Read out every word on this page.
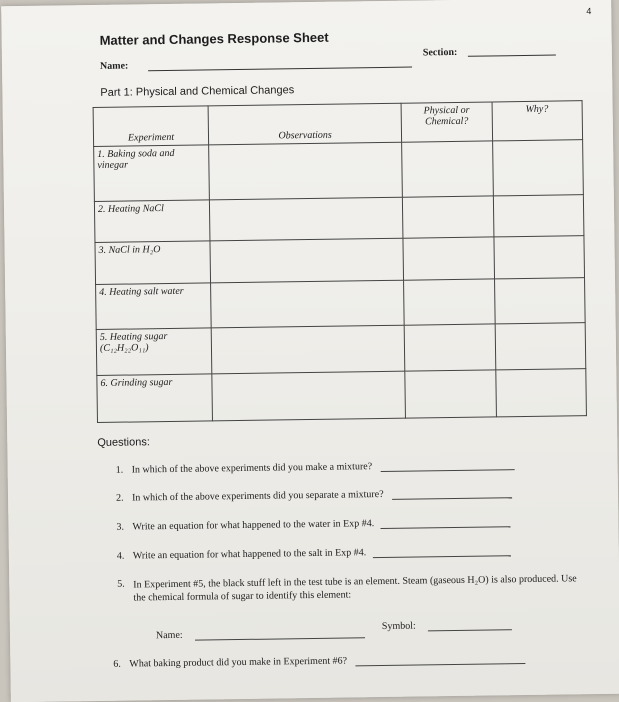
4
Matter and Changes Response Sheet
Name:
Section:
Part 1: Physical and Chemical Changes
Experiment	Observations	Physical or Chemical?	Why?
1. Baking soda and vinegar			
2. Heating NaCl			
3. NaCl in H₂O			
4. Heating salt water			
5. Heating sugar (C₁₂H₂₂O₁₁)			
6. Grinding sugar			
Questions:
1. In which of the above experiments did you make a mixture?
2. In which of the above experiments did you separate a mixture?
3. Write an equation for what happened to the water in Exp #4.
4. Write an equation for what happened to the salt in Exp #4.
5. In Experiment #5, the black stuff left in the test tube is an element. Steam (gaseous H₂O) is also produced. Use the chemical formula of sugar to identify this element:
Name:
Symbol:
6. What baking product did you make in Experiment #6?
